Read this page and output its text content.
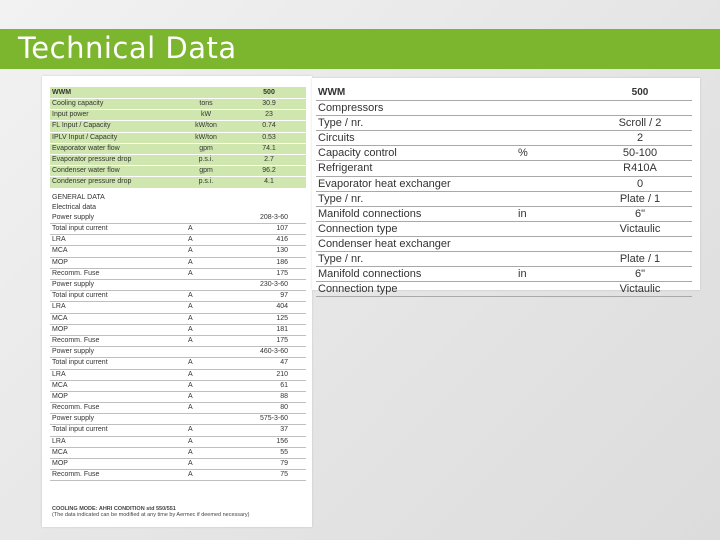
Technical Data
WWM	500
Cooling capacity	tons	30.9
Input power	kW	23
FL Input / Capacity	kW/ton	0.74
IPLV Input / Capacity	kW/ton	0.53
Evaporator water flow	gpm	74.1
Evaporator pressure drop	p.s.i.	2.7
Condenser water flow	gpm	96.2
Condenser pressure drop	p.s.i.	4.1
GENERAL DATA
Electrical data
Power supply	208-3-60
Total input current	A	107
LRA	A	416
MCA	A	130
MOP	A	186
Recomm. Fuse	A	175
Power supply	230-3-60
Total input current	A	97
LRA	A	404
MCA	A	125
MOP	A	181
Recomm. Fuse	A	175
Power supply	460-3-60
Total input current	A	47
LRA	A	210
MCA	A	61
MOP	A	88
Recomm. Fuse	A	80
Power supply	575-3-60
Total input current	A	37
LRA	A	156
MCA	A	55
MOP	A	79
Recomm. Fuse	A	75
COOLING MODE: AHRI CONDITION std 550/551
(The data indicated can be modified at any time by Aermec if deemed necessary)
WWM	500
Compressors
Type / nr.	Scroll / 2
Circuits	2
Capacity control	%	50-100
Refrigerant	R410A
Evaporator heat exchanger	0
Type / nr.	Plate / 1
Manifold connections	in	6"
Connection type	Victaulic
Condenser heat exchanger
Type / nr.	Plate / 1
Manifold connections	in	6"
Connection type	Victaulic
